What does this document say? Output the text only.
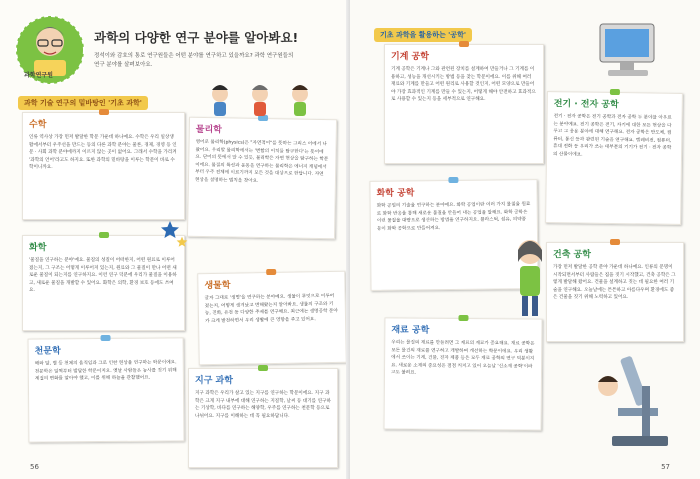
과학연구원
과학의 다양한 연구 분야를 알아봐요!
정석이와 감호의 통로 연구원들은 어떤 분야를 연구하고 있을까요? 과학 연구원들의 연구 분야를 살펴보아요.
과학 기술 연구의 밑바탕인 '기초 과학'
수학
인류 역사상 가장 먼저 발달한 학문 가운데 하나예요. 수학은 우리 일상생활에서부터 우주선을 만드는 등의 다른 과학 분야는 물론, 경제, 경영 등 인문 · 사회 과학 분야에까지 이르지 않는 곳이 없어요. 그래서 수학을 가리켜 '과학의 언어'라고도 하지요. 또한 과학의 밑바탕을 이루는 학문이 바로 수학이니까요.
물리학
영어로 물리학(physics)은 "자연적이"를 뜻하는 그리스 어에서 나왔어요. 우리말 물리학에서는 '변함의 이치를 탐구한다'는 뜻이에요. 단어의 뜻에서 알 수 있듯, 물리학은 자연 현상을 탐구하는 학문이에요. 물질의 특성과 운동을 연구하는 물리학은 에너지 개념에서부터 우주 전체에 이르기까지 모든 것을 대상으로 한답니다. 자연 현상을 설명하는 법칙을 찾아요.
화학
'물질을 연구하는 분야'예요. 물질의 성질이 어떠한지, 어떤 원료로 이루어졌는지, 그 구조는 어떻게 이루어져 있는지, 원료와 그 물질이 만나 어떤 새로운 물질이 되는지를 연구하지요. 이런 연구 덕분에 우리가 물질을 이용하고, 새로운 물질을 개발할 수 있어요. 화학은 의학, 환경 보호 등에도 쓰여요.	생물학
글자 그대로 '생명'을 연구하는 분야예요. 생물이 무엇으로 이루어졌는지, 어떻게 생겨났고 변해왔는지 알아봐요. 생물의 구조와 기능, 진화, 유전 등 다양한 주제를 연구해요. 최근에는 생명공학 분야가 크게 발전하면서 우리 생활에 큰 영향을 주고 있어요.
천문학
해와 달, 별 등 천체의 움직임과 그로 인한 현상을 연구하는 학문이에요. 천문학은 일찍부터 발달한 학문이지요. 옛날 사람들은 농사를 짓기 위해 계절의 변화를 알아야 했고, 이를 위해 하늘을 관찰했어요.	지구 과학
지구 과학은 우리가 살고 있는 지구를 연구하는 학문이에요. 지구 과학은 크게 지구 내부에 대해 연구하는 지질학, 날씨 등 대기를 연구하는 기상학, 바다를 연구하는 해양학, 우주를 연구하는 천문학 등으로 나뉘어요. 지구를 이해하는 데 꼭 필요하답니다.
56
기초 과학을 활용하는 '공학'
기계 공학
기계 공학은 기계나 그와 관련된 장치를 설계하여 만들거나 그 기계를 이용하고, 성능을 개선시키는 방법 등을 찾는 학문이에요. 이를 위해 여러 재료와 기계를 만들고 어떤 원리로 사용할 것인지, 어떤 모양으로 만들어야 가장 효과적인 기계를 만들 수 있는지, 어떻게 해야 안전하고 효과적으로 사용할 수 있는지 등을 세부적으로 연구해요.	전기 · 전자 공학
전기 · 전자 공학은 전기 공학과 전자 공학 두 분야를 아우르는 분야예요. 전기 공학은 전기, 자기에 대한 모든 현상을 다루고 그 응용 분야에 대해 연구해요. 전자 공학은 반도체, 컴퓨터, 통신 등과 관련된 기술을 연구해요. 텔레비전, 컴퓨터, 휴대 전화 등 우리가 쓰는 대부분의 기기가 전기 · 전자 공학의 산물이에요.
화학 공학
화학 공업의 기술을 연구하는 분야예요. 화학 공업이란 여러 가지 물질을 원료로 화학 반응을 통해 새로운 물질을 만들어 내는 공업을 말해요. 화학 공학은 이런 물질을 대량으로 생산하는 방법을 연구하지요. 플라스틱, 섬유, 의약품 등이 화학 공학으로 만들어져요.
건축 공학
가장 먼저 발달한 공학 분야 가운데 하나예요. 인류의 문명이 시작되면서부터 사람들은 집을 짓기 시작했고, 건축 공학은 그렇게 발달해 왔어요. 건물을 설계하고 짓는 데 필요한 여러 기술을 연구해요. 오늘날에는 튼튼하고 아름다우며 환경에도 좋은 건물을 짓기 위해 노력하고 있어요.
재료 공학
우리는 물질의 재료를 만들려면 그 재료의 재료가 중요해요. 재료 공학은 모든 물건의 재료를 연구하고 개발하며 개선하는 학문이에요. 우리 생활에서 쓰이는 기계, 건물, 전자 제품 등은 모두 재료 공학의 연구 덕분이지요. 새로운 소재의 중요성은 점점 커지고 있어 오늘날 '신소재 공학'이라고도 불려요.
57
